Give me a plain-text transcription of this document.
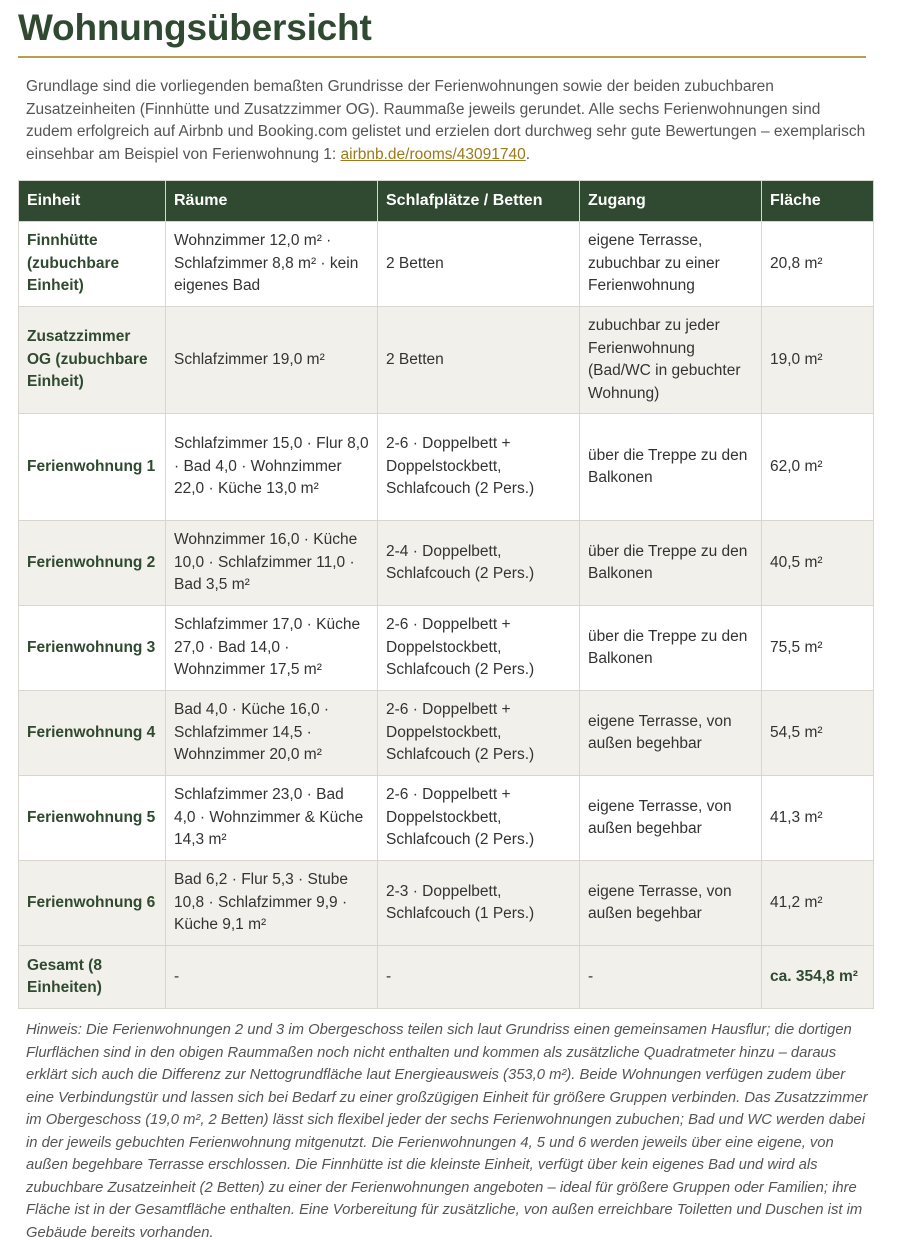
Wohnungsübersicht

Grundlage sind die vorliegenden bemaßten Grundrisse der Ferienwohnungen sowie der beiden zubuchbaren Zusatzeinheiten (Finnhütte und Zusatzzimmer OG). Raummaße jeweils gerundet. Alle sechs Ferienwohnungen sind zudem erfolgreich auf Airbnb und Booking.com gelistet und erzielen dort durchweg sehr gute Bewertungen – exemplarisch einsehbar am Beispiel von Ferienwohnung 1: airbnb.de/rooms/43091740.

Einheit	Räume	Schlafplätze / Betten	Zugang	Fläche
Finnhütte (zubuchbare Einheit)	Wohnzimmer 12,0 m² · Schlafzimmer 8,8 m² · kein eigenes Bad	2 Betten	eigene Terrasse, zubuchbar zu einer Ferienwohnung	20,8 m²
Zusatzzimmer OG (zubuchbare Einheit)	Schlafzimmer 19,0 m²	2 Betten	zubuchbar zu jeder Ferienwohnung (Bad/WC in gebuchter Wohnung)	19,0 m²
Ferienwohnung 1	Schlafzimmer 15,0 · Flur 8,0 · Bad 4,0 · Wohnzimmer 22,0 · Küche 13,0 m²	2-6 · Doppelbett + Doppelstockbett, Schlafcouch (2 Pers.)	über die Treppe zu den Balkonen	62,0 m²
Ferienwohnung 2	Wohnzimmer 16,0 · Küche 10,0 · Schlafzimmer 11,0 · Bad 3,5 m²	2-4 · Doppelbett, Schlafcouch (2 Pers.)	über die Treppe zu den Balkonen	40,5 m²
Ferienwohnung 3	Schlafzimmer 17,0 · Küche 27,0 · Bad 14,0 · Wohnzimmer 17,5 m²	2-6 · Doppelbett + Doppelstockbett, Schlafcouch (2 Pers.)	über die Treppe zu den Balkonen	75,5 m²
Ferienwohnung 4	Bad 4,0 · Küche 16,0 · Schlafzimmer 14,5 · Wohnzimmer 20,0 m²	2-6 · Doppelbett + Doppelstockbett, Schlafcouch (2 Pers.)	eigene Terrasse, von außen begehbar	54,5 m²
Ferienwohnung 5	Schlafzimmer 23,0 · Bad 4,0 · Wohnzimmer & Küche 14,3 m²	2-6 · Doppelbett + Doppelstockbett, Schlafcouch (2 Pers.)	eigene Terrasse, von außen begehbar	41,3 m²
Ferienwohnung 6	Bad 6,2 · Flur 5,3 · Stube 10,8 · Schlafzimmer 9,9 · Küche 9,1 m²	2-3 · Doppelbett, Schlafcouch (1 Pers.)	eigene Terrasse, von außen begehbar	41,2 m²
Gesamt (8 Einheiten)	-	-	-	ca. 354,8 m²

Hinweis: Die Ferienwohnungen 2 und 3 im Obergeschoss teilen sich laut Grundriss einen gemeinsamen Hausflur; die dortigen Flurflächen sind in den obigen Raummaßen noch nicht enthalten und kommen als zusätzliche Quadratmeter hinzu – daraus erklärt sich auch die Differenz zur Nettogrundfläche laut Energieausweis (353,0 m²). Beide Wohnungen verfügen zudem über eine Verbindungstür und lassen sich bei Bedarf zu einer großzügigen Einheit für größere Gruppen verbinden. Das Zusatzzimmer im Obergeschoss (19,0 m², 2 Betten) lässt sich flexibel jeder der sechs Ferienwohnungen zubuchen; Bad und WC werden dabei in der jeweils gebuchten Ferienwohnung mitgenutzt. Die Ferienwohnungen 4, 5 und 6 werden jeweils über eine eigene, von außen begehbare Terrasse erschlossen. Die Finnhütte ist die kleinste Einheit, verfügt über kein eigenes Bad und wird als zubuchbare Zusatzeinheit (2 Betten) zu einer der Ferienwohnungen angeboten – ideal für größere Gruppen oder Familien; ihre Fläche ist in der Gesamtfläche enthalten. Eine Vorbereitung für zusätzliche, von außen erreichbare Toiletten und Duschen ist im Gebäude bereits vorhanden.
